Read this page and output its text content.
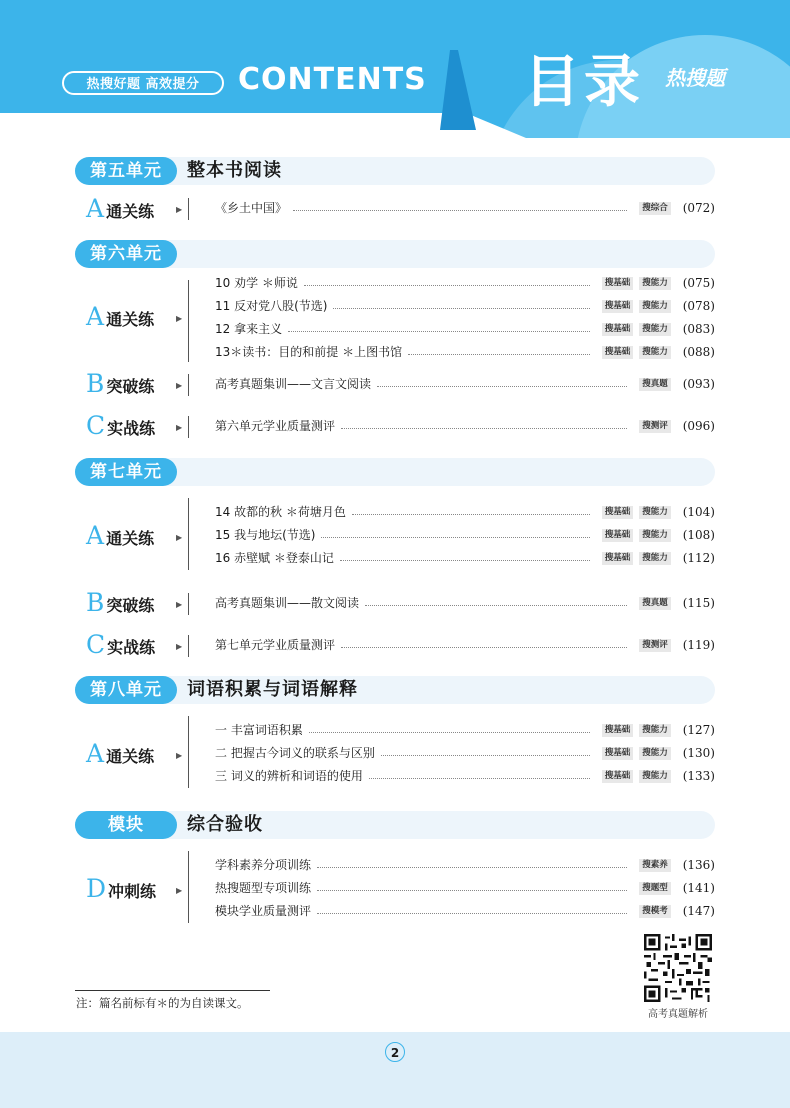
热搜好题 高效提分	CONTENTS 目录 热搜题
第五单元	整本书阅读
A 通关练	▶	《乡土中国》	搜综合 (072)
第六单元
A 通关练	▶
10 劝学 ＊师说	搜基础	搜能力 (075)
11 反对党八股(节选)	搜基础	搜能力 (078)
12 拿来主义	搜基础	搜能力 (083)
13＊读书：目的和前提 ＊上图书馆	搜基础	搜能力 (088)
B 突破练	▶	高考真题集训——文言文阅读	搜真题 (093)
C 实战练	▶	第六单元学业质量测评	搜测评 (096)
第七单元
A 通关练	▶
14 故都的秋 ＊荷塘月色	搜基础	搜能力 (104)
15 我与地坛(节选)	搜基础	搜能力 (108)
16 赤壁赋 ＊登泰山记	搜基础	搜能力 (112)
B 突破练	▶	高考真题集训——散文阅读	搜真题 (115)
C 实战练	▶	第七单元学业质量测评	搜测评 (119)
第八单元	词语积累与词语解释
A 通关练	▶
一 丰富词语积累	搜基础	搜能力 (127)
二 把握古今词义的联系与区别	搜基础	搜能力 (130)
三 词义的辨析和词语的使用	搜基础	搜能力 (133)
模块	综合验收
D 冲刺练 ▶
学科素养分项训练	搜素养 (136)
热搜题型专项训练	搜题型 (141)
模块学业质量测评	搜模考 (147)
高考真题解析
注：篇名前标有＊的为自读课文。
2
